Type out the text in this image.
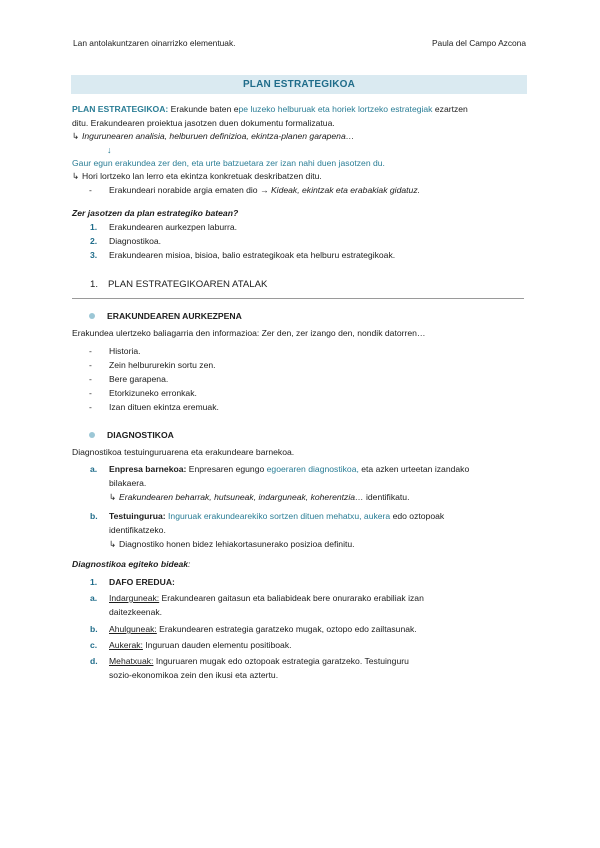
Lan antolakuntzaren oinarrizko elementuak.	Paula del Campo Azcona
PLAN ESTRATEGIKOA
PLAN ESTRATEGIKOA: Erakunde baten epe luzeko helburuak eta horiek lortzeko estrategiak ezartzen
ditu. Erakundearen proiektua jasotzen duen dokumentu formalizatua.
↳ Ingurunearen analisia, helburuen definizioa, ekintza-planen garapena…
↓
Gaur egun erakundea zer den, eta urte batzuetara zer izan nahi duen jasotzen du.
↳ Hori lortzeko lan lerro eta ekintza konkretuak deskribatzen ditu.
- Erakundeari norabide argia ematen dio → Kideak, ekintzak eta erabakiak gidatuz.
Zer jasotzen da plan estrategiko batean?
1. Erakundearen aurkezpen laburra.
2. Diagnostikoa.
3. Erakundearen misioa, bisioa, balio estrategikoak eta helburu estrategikoak.
1. PLAN ESTRATEGIKOAREN ATALAK
ERAKUNDEAREN AURKEZPENA
Erakundea ulertzeko baliagarria den informazioa: Zer den, zer izango den, nondik datorren…
- Historia.
- Zein helbururekin sortu zen.
- Bere garapena.
- Etorkizuneko erronkak.
- Izan dituen ekintza eremuak.
DIAGNOSTIKOA
Diagnostikoa testuinguruarena eta erakundeare barnekoa.
a. Enpresa barnekoa: Enpresaren egungo egoeraren diagnostikoa, eta azken urteetan izandako
bilakaera.
↳ Erakundearen beharrak, hutsuneak, indarguneak, koherentzia… identifikatu.
b. Testuingurua: Inguruak erakundearekiko sortzen dituen mehatxu, aukera edo oztopoak
identifikatzeko.
↳ Diagnostiko honen bidez lehiakortasunerako posizioa definitu.
Diagnostikoa egiteko bideak:
1. DAFO EREDUA:
a. Indarguneak: Erakundearen gaitasun eta baliabideak bere onurarako erabiliak izan
daitezkeenak.
b. Ahulguneak: Erakundearen estrategia garatzeko mugak, oztopo edo zailtasunak.
c. Aukerak: Inguruan dauden elementu positiboak.
d. Mehatxuak: Inguruaren mugak edo oztopoak estrategia garatzeko. Testuinguru
sozio-ekonomikoa zein den ikusi eta aztertu.
